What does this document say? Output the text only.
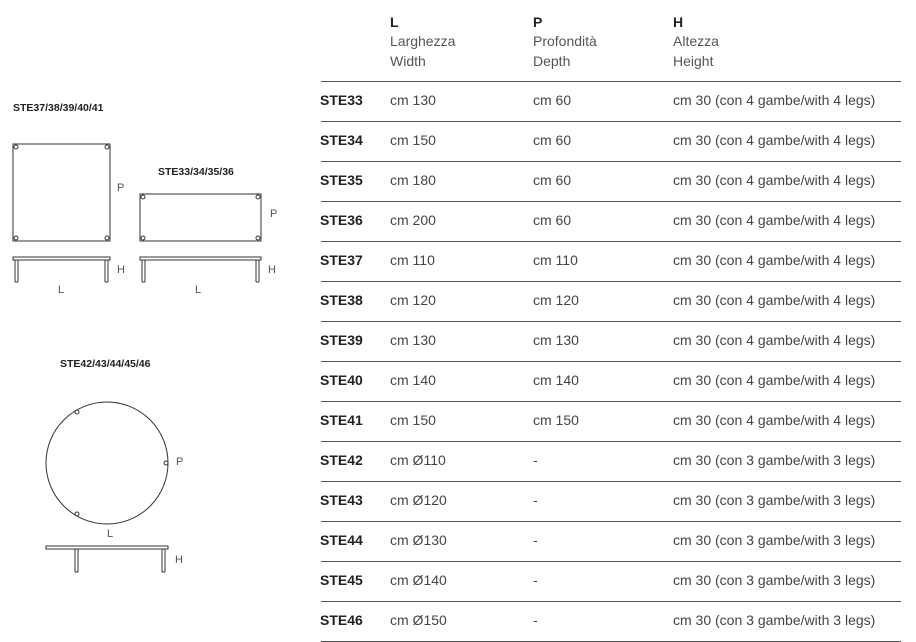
STE37/38/39/40/41
P
H
L
STE33/34/35/36
P
H
L
STE42/43/44/45/46
P
L
H
L
Larghezza
Width
P
Profondità
Depth
H
Altezza
Height
STE33 cm 130	cm 60	cm 30 (con 4 gambe/with 4 legs)
STE34 cm 150	cm 60	cm 30 (con 4 gambe/with 4 legs)
STE35 cm 180	cm 60	cm 30 (con 4 gambe/with 4 legs)
STE36 cm 200	cm 60	cm 30 (con 4 gambe/with 4 legs)
STE37 cm 110	cm 110	cm 30 (con 4 gambe/with 4 legs)
STE38 cm 120	cm 120	cm 30 (con 4 gambe/with 4 legs)
STE39 cm 130	cm 130	cm 30 (con 4 gambe/with 4 legs)
STE40 cm 140	cm 140	cm 30 (con 4 gambe/with 4 legs)
STE41 cm 150	cm 150	cm 30 (con 4 gambe/with 4 legs)
STE42 cm Ø110	-	cm 30 (con 3 gambe/with 3 legs)
STE43 cm Ø120	-	cm 30 (con 3 gambe/with 3 legs)
STE44 cm Ø130	-	cm 30 (con 3 gambe/with 3 legs)
STE45 cm Ø140	-	cm 30 (con 3 gambe/with 3 legs)
STE46 cm Ø150	-	cm 30 (con 3 gambe/with 3 legs)
